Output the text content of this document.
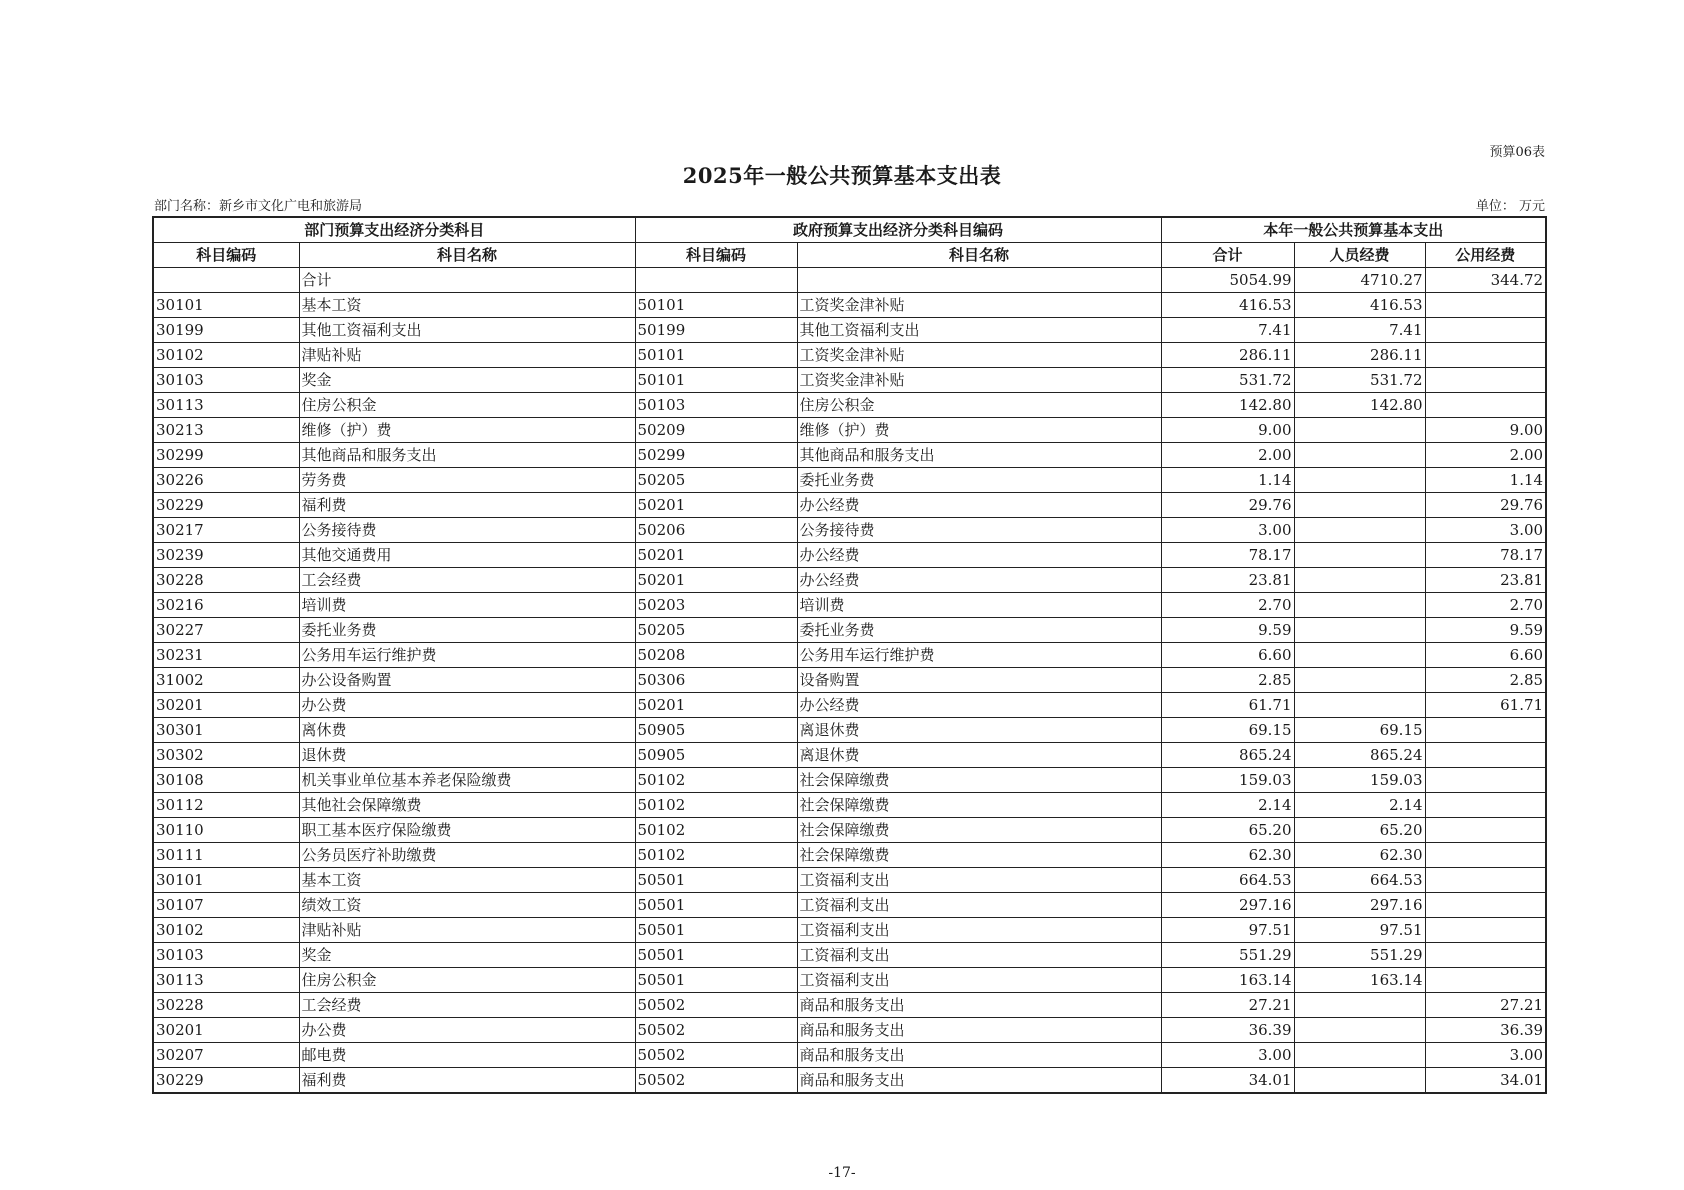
预算06表
2025年一般公共预算基本支出表
部门名称：新乡市文化广电和旅游局	单位： 万元
部门预算支出经济分类科目		政府预算支出经济分类科目编码		本年一般公共预算基本支出		
科目编码	科目名称	科目编码	科目名称	合计	人员经费	公用经费
	合计			5054.99	4710.27	344.72
30101	基本工资	50101	工资奖金津补贴	416.53	416.53	
30199	其他工资福利支出	50199	其他工资福利支出	7.41	7.41	
30102	津贴补贴	50101	工资奖金津补贴	286.11	286.11	
30103	奖金	50101	工资奖金津补贴	531.72	531.72	
30113	住房公积金	50103	住房公积金	142.80	142.80	
30213	维修（护）费	50209	维修（护）费	9.00		9.00
30299	其他商品和服务支出	50299	其他商品和服务支出	2.00		2.00
30226	劳务费	50205	委托业务费	1.14		1.14
30229	福利费	50201	办公经费	29.76		29.76
30217	公务接待费	50206	公务接待费	3.00		3.00
30239	其他交通费用	50201	办公经费	78.17		78.17
30228	工会经费	50201	办公经费	23.81		23.81
30216	培训费	50203	培训费	2.70		2.70
30227	委托业务费	50205	委托业务费	9.59		9.59
30231	公务用车运行维护费	50208	公务用车运行维护费	6.60		6.60
31002	办公设备购置	50306	设备购置	2.85		2.85
30201	办公费	50201	办公经费	61.71		61.71
30301	离休费	50905	离退休费	69.15	69.15	
30302	退休费	50905	离退休费	865.24	865.24	
30108	机关事业单位基本养老保险缴费	50102	社会保障缴费	159.03	159.03	
30112	其他社会保障缴费	50102	社会保障缴费	2.14	2.14	
30110	职工基本医疗保险缴费	50102	社会保障缴费	65.20	65.20	
30111	公务员医疗补助缴费	50102	社会保障缴费	62.30	62.30	
30101	基本工资	50501	工资福利支出	664.53	664.53	
30107	绩效工资	50501	工资福利支出	297.16	297.16	
30102	津贴补贴	50501	工资福利支出	97.51	97.51	
30103	奖金	50501	工资福利支出	551.29	551.29	
30113	住房公积金	50501	工资福利支出	163.14	163.14	
30228	工会经费	50502	商品和服务支出	27.21		27.21
30201	办公费	50502	商品和服务支出	36.39		36.39
30207	邮电费	50502	商品和服务支出	3.00		3.00
30229	福利费	50502	商品和服务支出	34.01		34.01
-17-
